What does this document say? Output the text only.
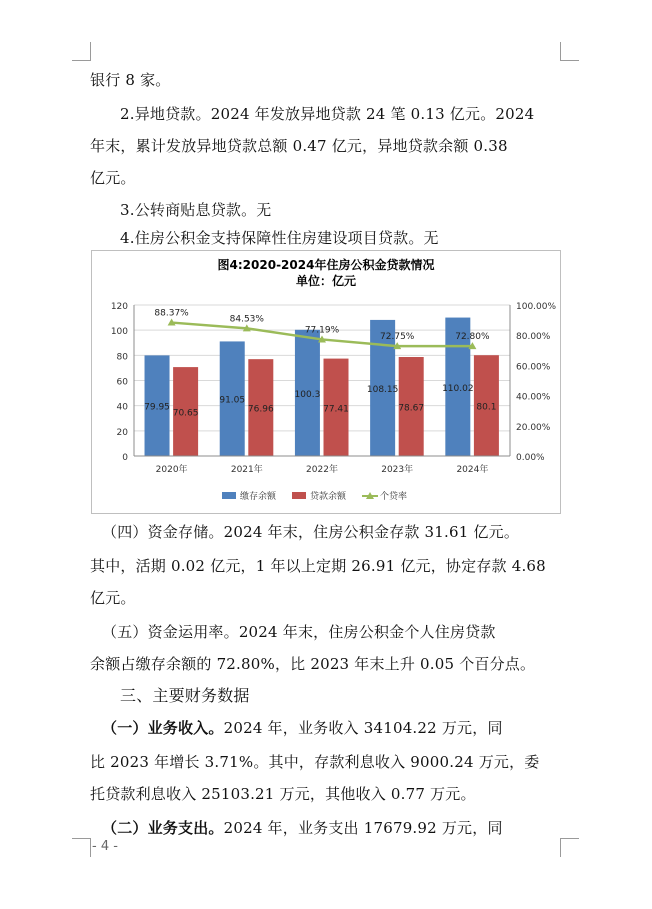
银行 8 家。
2.异地贷款。2024 年发放异地贷款 24 笔 0.13 亿元。2024
年末，累计发放异地贷款总额 0.47 亿元，异地贷款余额 0.38
亿元。
3.公转商贴息贷款。无
4.住房公积金支持保障性住房建设项目贷款。无
图4:2020-2024年住房公积金贷款情况
单位：亿元
79.95
91.05
100.3	108.15	110.02
70.65	76.96	77.41	78.67	80.1
88.37%
84.53%
77.19%
72.75%	72.80%
0
20
40
60
80
100
120
0.00%
20.00%
40.00%
60.00%
80.00%
100.00%
2020年	2021年	2022年	2023年	2024年
缴存余额	贷款余额	个贷率
（四）资金存储。2024 年末，住房公积金存款 31.61 亿元。
其中，活期 0.02 亿元，1 年以上定期 26.91 亿元，协定存款 4.68
亿元。
（五）资金运用率。2024 年末，住房公积金个人住房贷款
余额占缴存余额的 72.80%，比 2023 年末上升 0.05 个百分点。
三、主要财务数据
（一）业务收入。2024 年，业务收入 34104.22 万元，同
比 2023 年增长 3.71%。其中，存款利息收入 9000.24 万元，委
托贷款利息收入 25103.21 万元，其他收入 0.77 万元。
（二）业务支出。2024 年，业务支出 17679.92 万元，同
- 4 -
